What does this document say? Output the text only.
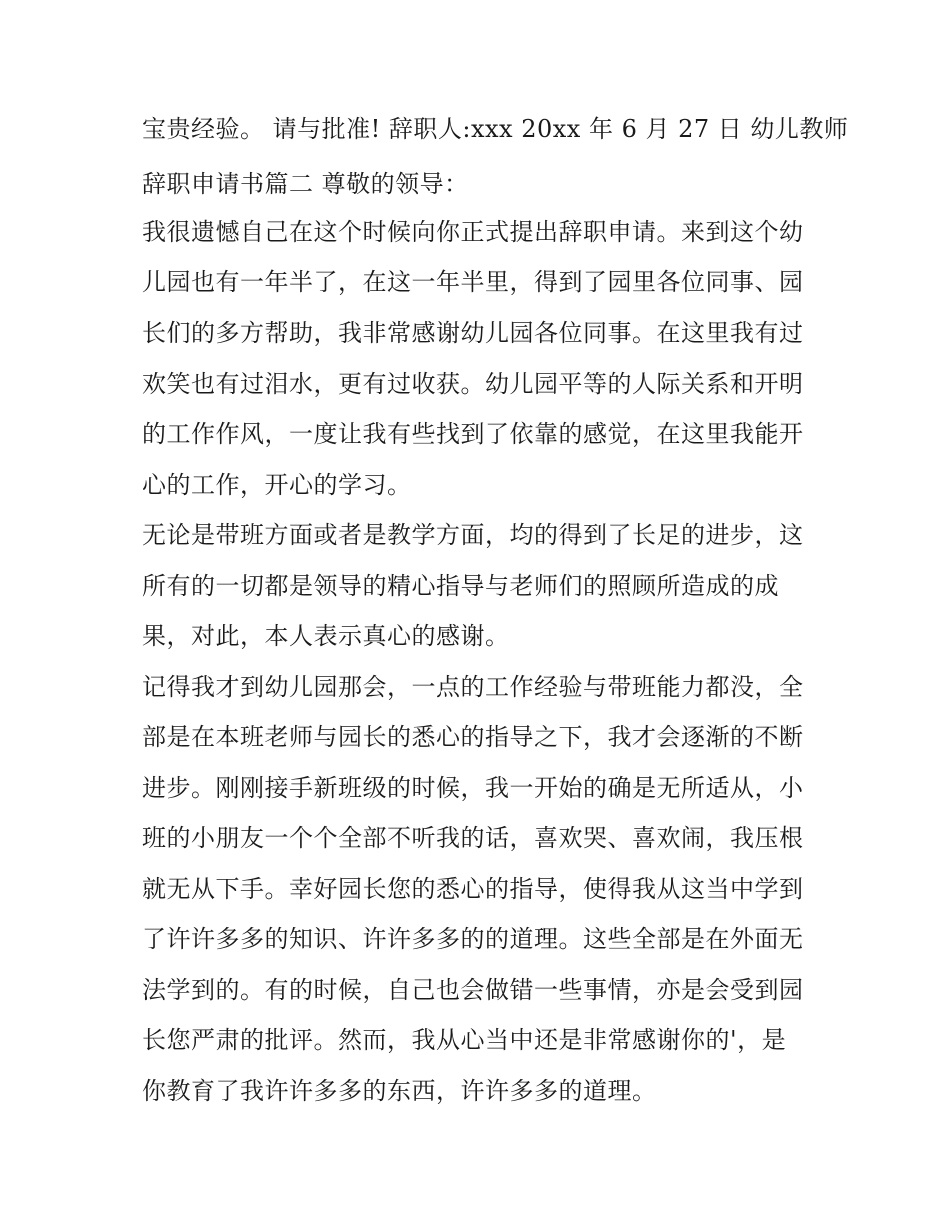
宝贵经验。 请与批准! 辞职人:xxx 20xx 年 6 月 27 日 幼儿教师
辞职申请书篇二 尊敬的领导：
我很遗憾自己在这个时候向你正式提出辞职申请。来到这个幼
儿园也有一年半了，在这一年半里，得到了园里各位同事、园
长们的多方帮助，我非常感谢幼儿园各位同事。在这里我有过
欢笑也有过泪水，更有过收获。幼儿园平等的人际关系和开明
的工作作风，一度让我有些找到了依靠的感觉，在这里我能开
心的工作，开心的学习。
无论是带班方面或者是教学方面，均的得到了长足的进步，这
所有的一切都是领导的精心指导与老师们的照顾所造成的成
果，对此，本人表示真心的感谢。
记得我才到幼儿园那会，一点的工作经验与带班能力都没，全
部是在本班老师与园长的悉心的指导之下，我才会逐渐的不断
进步。刚刚接手新班级的时候，我一开始的确是无所适从，小
班的小朋友一个个全部不听我的话，喜欢哭、喜欢闹，我压根
就无从下手。幸好园长您的悉心的指导，使得我从这当中学到
了许许多多的知识、许许多多的的道理。这些全部是在外面无
法学到的。有的时候，自己也会做错一些事情，亦是会受到园
长您严肃的批评。然而，我从心当中还是非常感谢你的'，是
你教育了我许许多多的东西，许许多多的道理。
